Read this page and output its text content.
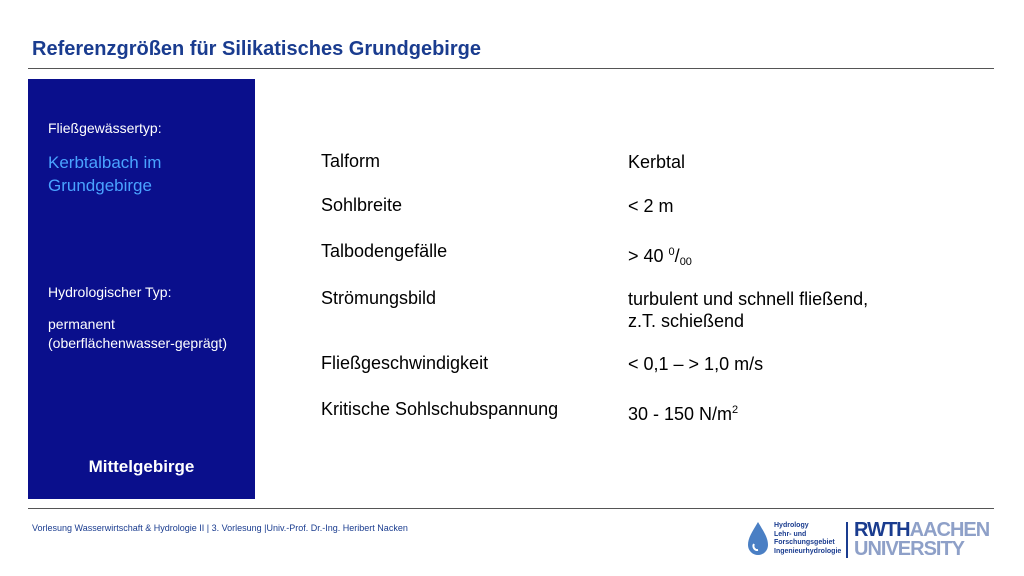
Referenzgrößen für Silikatisches Grundgebirge
Fließgewässertyp:
Kerbtalbach im Grundgebirge
Hydrologischer Typ:
permanent (oberflächenwasser-geprägt)
Mittelgebirge
Talform	Kerbtal
Sohlbreite	< 2 m
Talbodengefälle	> 40 $^0/_{00}$
Strömungsbild	turbulent und schnell fließend,
z.T. schießend
Fließgeschwindigkeit	< 0,1 – > 1,0 m/s
Kritische Sohlschubspannung	30 - 150 $N/m^2$
Vorlesung Wasserwirtschaft & Hydrologie II | 3. Vorlesung |Univ.-Prof. Dr.-Ing. Heribert Nacken	Hydrology
Lehr- und
Forschungsgebiet
Ingenieurhydrologie
RWTHAACHEN
UNIVERSITY
